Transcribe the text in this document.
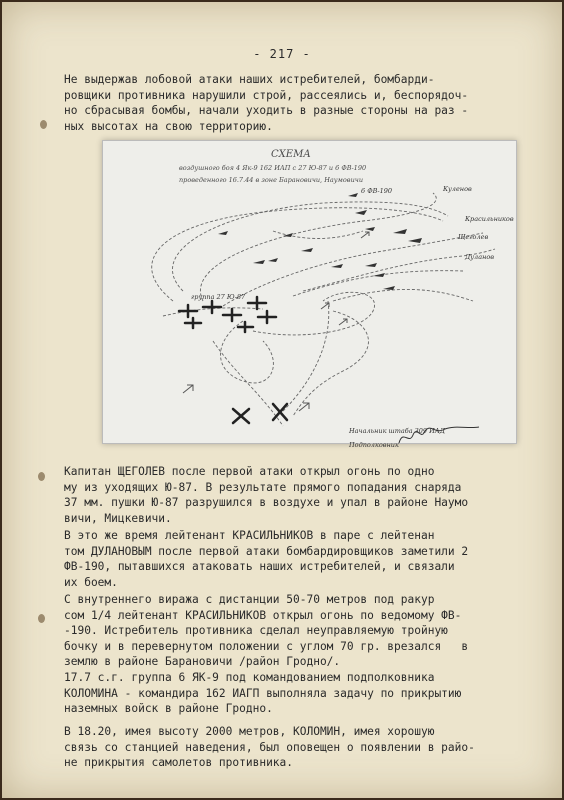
- 217 -
Не выдержав лобовой атаки наших истребителей, бомбарди-
ровщики противника нарушили строй, рассеялись и, беспорядоч-
но сбрасывая бомбы, начали уходить в разные стороны на раз -
ных высотах на свою территорию.
СХЕМА
воздушного боя 4 Як-9 162 ИАП с 27 Ю-87 и 6 ФВ-190
проведенного 16.7.44 в зоне Барановичи, Наумовичи
6 ФВ-190
группа 27 Ю-87
Куленов
Красильников
Щеголев
Дуланов
Начальник штаба 309 ИАД
Подполковник
Капитан ЩЕГОЛЕВ после первой атаки открыл огонь по одно
му из уходящих Ю-87. В результате прямого попадания снаряда
37 мм. пушки Ю-87 разрушился в воздухе и упал в районе Наумо
вичи, Мицкевичи.
В это же время лейтенант КРАСИЛЬНИКОВ в паре с лейтенан
том ДУЛАНОВЫМ после первой атаки бомбардировщиков заметили 2
ФВ-190, пытавшихся атаковать наших истребителей, и связали
их боем.
С внутреннего виража с дистанции 50-70 метров под ракур
сом 1/4 лейтенант КРАСИЛЬНИКОВ открыл огонь по ведомому ФВ-
-190. Истребитель противника сделал неуправляемую тройную
бочку и в перевернутом положении с углом 70 гр. врезался   в
землю в районе Барановичи /район Гродно/.
17.7 с.г. группа 6 ЯК-9 под командованием подполковника
КОЛОМИНА - командира 162 ИАГП выполняла задачу по прикрытию
наземных войск в районе Гродно.
В 18.20, имея высоту 2000 метров, КОЛОМИН, имея хорошую
связь со станцией наведения, был оповещен о появлении в райо-
не прикрытия самолетов противника.
